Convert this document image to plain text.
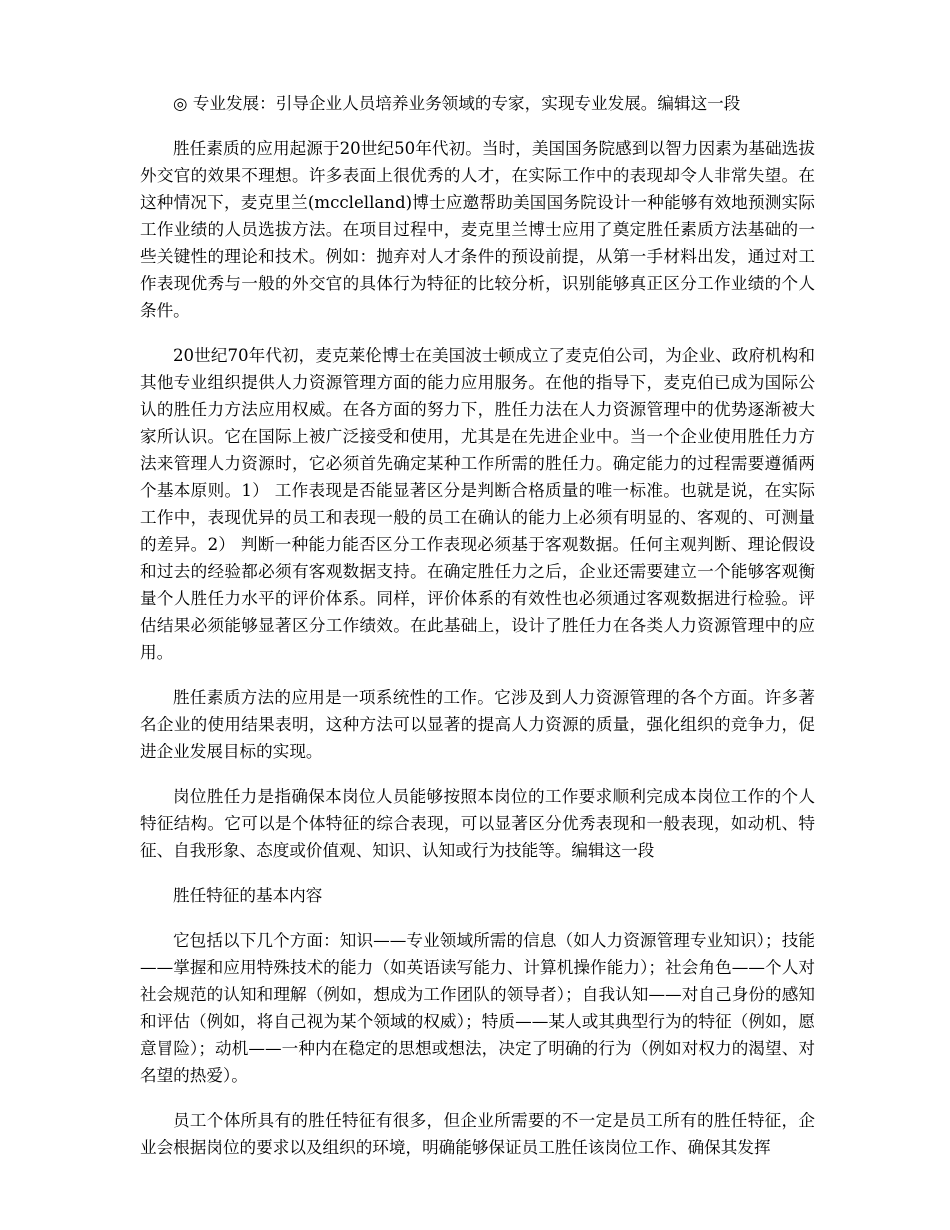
◎ 专业发展：引导企业人员培养业务领域的专家，实现专业发展。编辑这一段

胜任素质的应用起源于20世纪50年代初。当时，美国国务院感到以智力因素为基础选拔外交官的效果不理想。许多表面上很优秀的人才，在实际工作中的表现却令人非常失望。在这种情况下，麦克里兰(mcclelland)博士应邀帮助美国国务院设计一种能够有效地预测实际工作业绩的人员选拔方法。在项目过程中，麦克里兰博士应用了奠定胜任素质方法基础的一些关键性的理论和技术。例如：抛弃对人才条件的预设前提，从第一手材料出发，通过对工作表现优秀与一般的外交官的具体行为特征的比较分析，识别能够真正区分工作业绩的个人条件。

20世纪70年代初，麦克莱伦博士在美国波士顿成立了麦克伯公司，为企业、政府机构和其他专业组织提供人力资源管理方面的能力应用服务。在他的指导下，麦克伯已成为国际公认的胜任力方法应用权威。在各方面的努力下，胜任力法在人力资源管理中的优势逐渐被大家所认识。它在国际上被广泛接受和使用，尤其是在先进企业中。当一个企业使用胜任力方法来管理人力资源时，它必须首先确定某种工作所需的胜任力。确定能力的过程需要遵循两个基本原则。1） 工作表现是否能显著区分是判断合格质量的唯一标准。也就是说，在实际工作中，表现优异的员工和表现一般的员工在确认的能力上必须有明显的、客观的、可测量的差异。2） 判断一种能力能否区分工作表现必须基于客观数据。任何主观判断、理论假设和过去的经验都必须有客观数据支持。在确定胜任力之后，企业还需要建立一个能够客观衡量个人胜任力水平的评价体系。同样，评价体系的有效性也必须通过客观数据进行检验。评估结果必须能够显著区分工作绩效。在此基础上，设计了胜任力在各类人力资源管理中的应用。

胜任素质方法的应用是一项系统性的工作。它涉及到人力资源管理的各个方面。许多著名企业的使用结果表明，这种方法可以显著的提高人力资源的质量，强化组织的竞争力，促进企业发展目标的实现。

岗位胜任力是指确保本岗位人员能够按照本岗位的工作要求顺利完成本岗位工作的个人特征结构。它可以是个体特征的综合表现，可以显著区分优秀表现和一般表现，如动机、特征、自我形象、态度或价值观、知识、认知或行为技能等。编辑这一段

胜任特征的基本内容

它包括以下几个方面：知识——专业领域所需的信息（如人力资源管理专业知识）；技能——掌握和应用特殊技术的能力（如英语读写能力、计算机操作能力）；社会角色——个人对社会规范的认知和理解（例如，想成为工作团队的领导者）；自我认知——对自己身份的感知和评估（例如，将自己视为某个领域的权威）；特质——某人或其典型行为的特征（例如，愿意冒险）；动机——一种内在稳定的思想或想法，决定了明确的行为（例如对权力的渴望、对名望的热爱）。

员工个体所具有的胜任特征有很多，但企业所需要的不一定是员工所有的胜任特征，企业会根据岗位的要求以及组织的环境，明确能够保证员工胜任该岗位工作、确保其发挥
